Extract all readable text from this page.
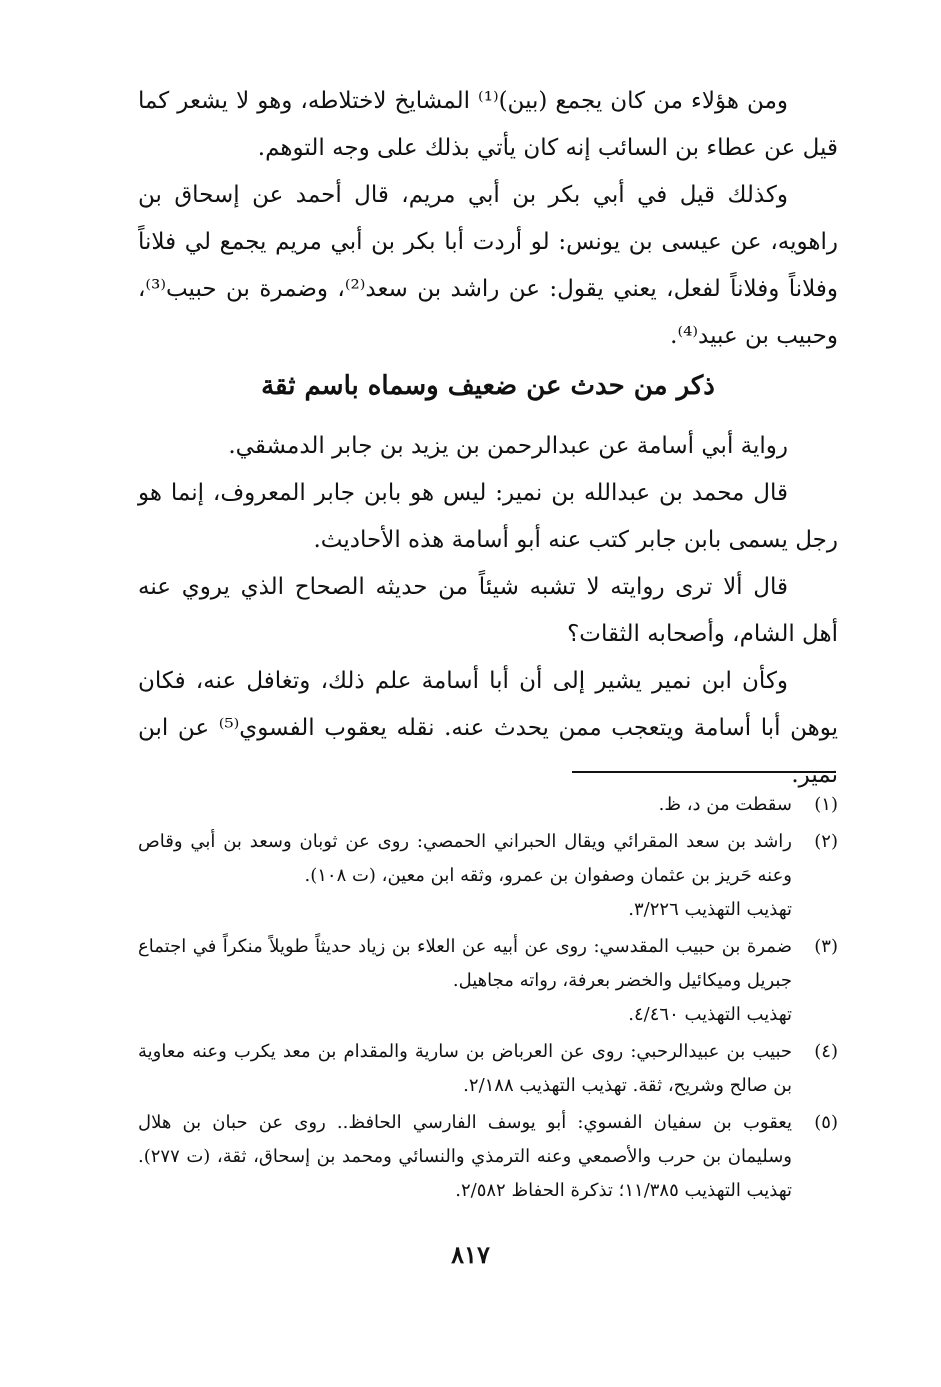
ومن هؤلاء من كان يجمع (بين)⁽¹⁾ المشايخ لاختلاطه، وهو لا يشعر كما قيل عن عطاء بن السائب إنه كان يأتي بذلك على وجه التوهم.

وكذلك قيل في أبي بكر بن أبي مريم، قال أحمد عن إسحاق بن راهويه، عن عيسى بن يونس: لو أردت أبا بكر بن أبي مريم يجمع لي فلاناً وفلاناً وفلاناً لفعل، يعني يقول: عن راشد بن سعد⁽²⁾، وضمرة بن حبيب⁽³⁾، وحبيب بن عبيد⁽⁴⁾.

ذكر من حدث عن ضعيف وسماه باسم ثقة

رواية أبي أسامة عن عبدالرحمن بن يزيد بن جابر الدمشقي.

قال محمد بن عبدالله بن نمير: ليس هو بابن جابر المعروف، إنما هو رجل يسمى بابن جابر كتب عنه أبو أسامة هذه الأحاديث.

قال ألا ترى روايته لا تشبه شيئاً من حديثه الصحاح الذي يروي عنه أهل الشام، وأصحابه الثقات؟

وكأن ابن نمير يشير إلى أن أبا أسامة علم ذلك، وتغافل عنه، فكان يوهن أبا أسامة ويتعجب ممن يحدث عنه. نقله يعقوب الفسوي⁽⁵⁾ عن ابن نمير.

(١)
سقطت من د، ظ.
(٢)
راشد بن سعد المقرائي ويقال الحبراني الحمصي: روى عن ثوبان وسعد بن أبي وقاص وعنه حَريز بن عثمان وصفوان بن عمرو، وثقه ابن معين، (ت ١٠٨).
تهذيب التهذيب ٣/٢٢٦.
(٣)
ضمرة بن حبيب المقدسي: روى عن أبيه عن العلاء بن زياد حديثاً طويلاً منكراً في اجتماع جبريل وميكائيل والخضر بعرفة، رواته مجاهيل.
تهذيب التهذيب ٤/٤٦٠.
(٤)
حبيب بن عبيدالرحبي: روى عن العرباض بن سارية والمقدام بن معد يكرب وعنه معاوية بن صالح وشريح، ثقة. تهذيب التهذيب ٢/١٨٨.
(٥)
يعقوب بن سفيان الفسوي: أبو يوسف الفارسي الحافظ.. روى عن حبان بن هلال وسليمان بن حرب والأصمعي وعنه الترمذي والنسائي ومحمد بن إسحاق، ثقة، (ت ٢٧٧). تهذيب التهذيب ١١/٣٨٥؛ تذكرة الحفاظ ٢/٥٨٢.
٨١٧
